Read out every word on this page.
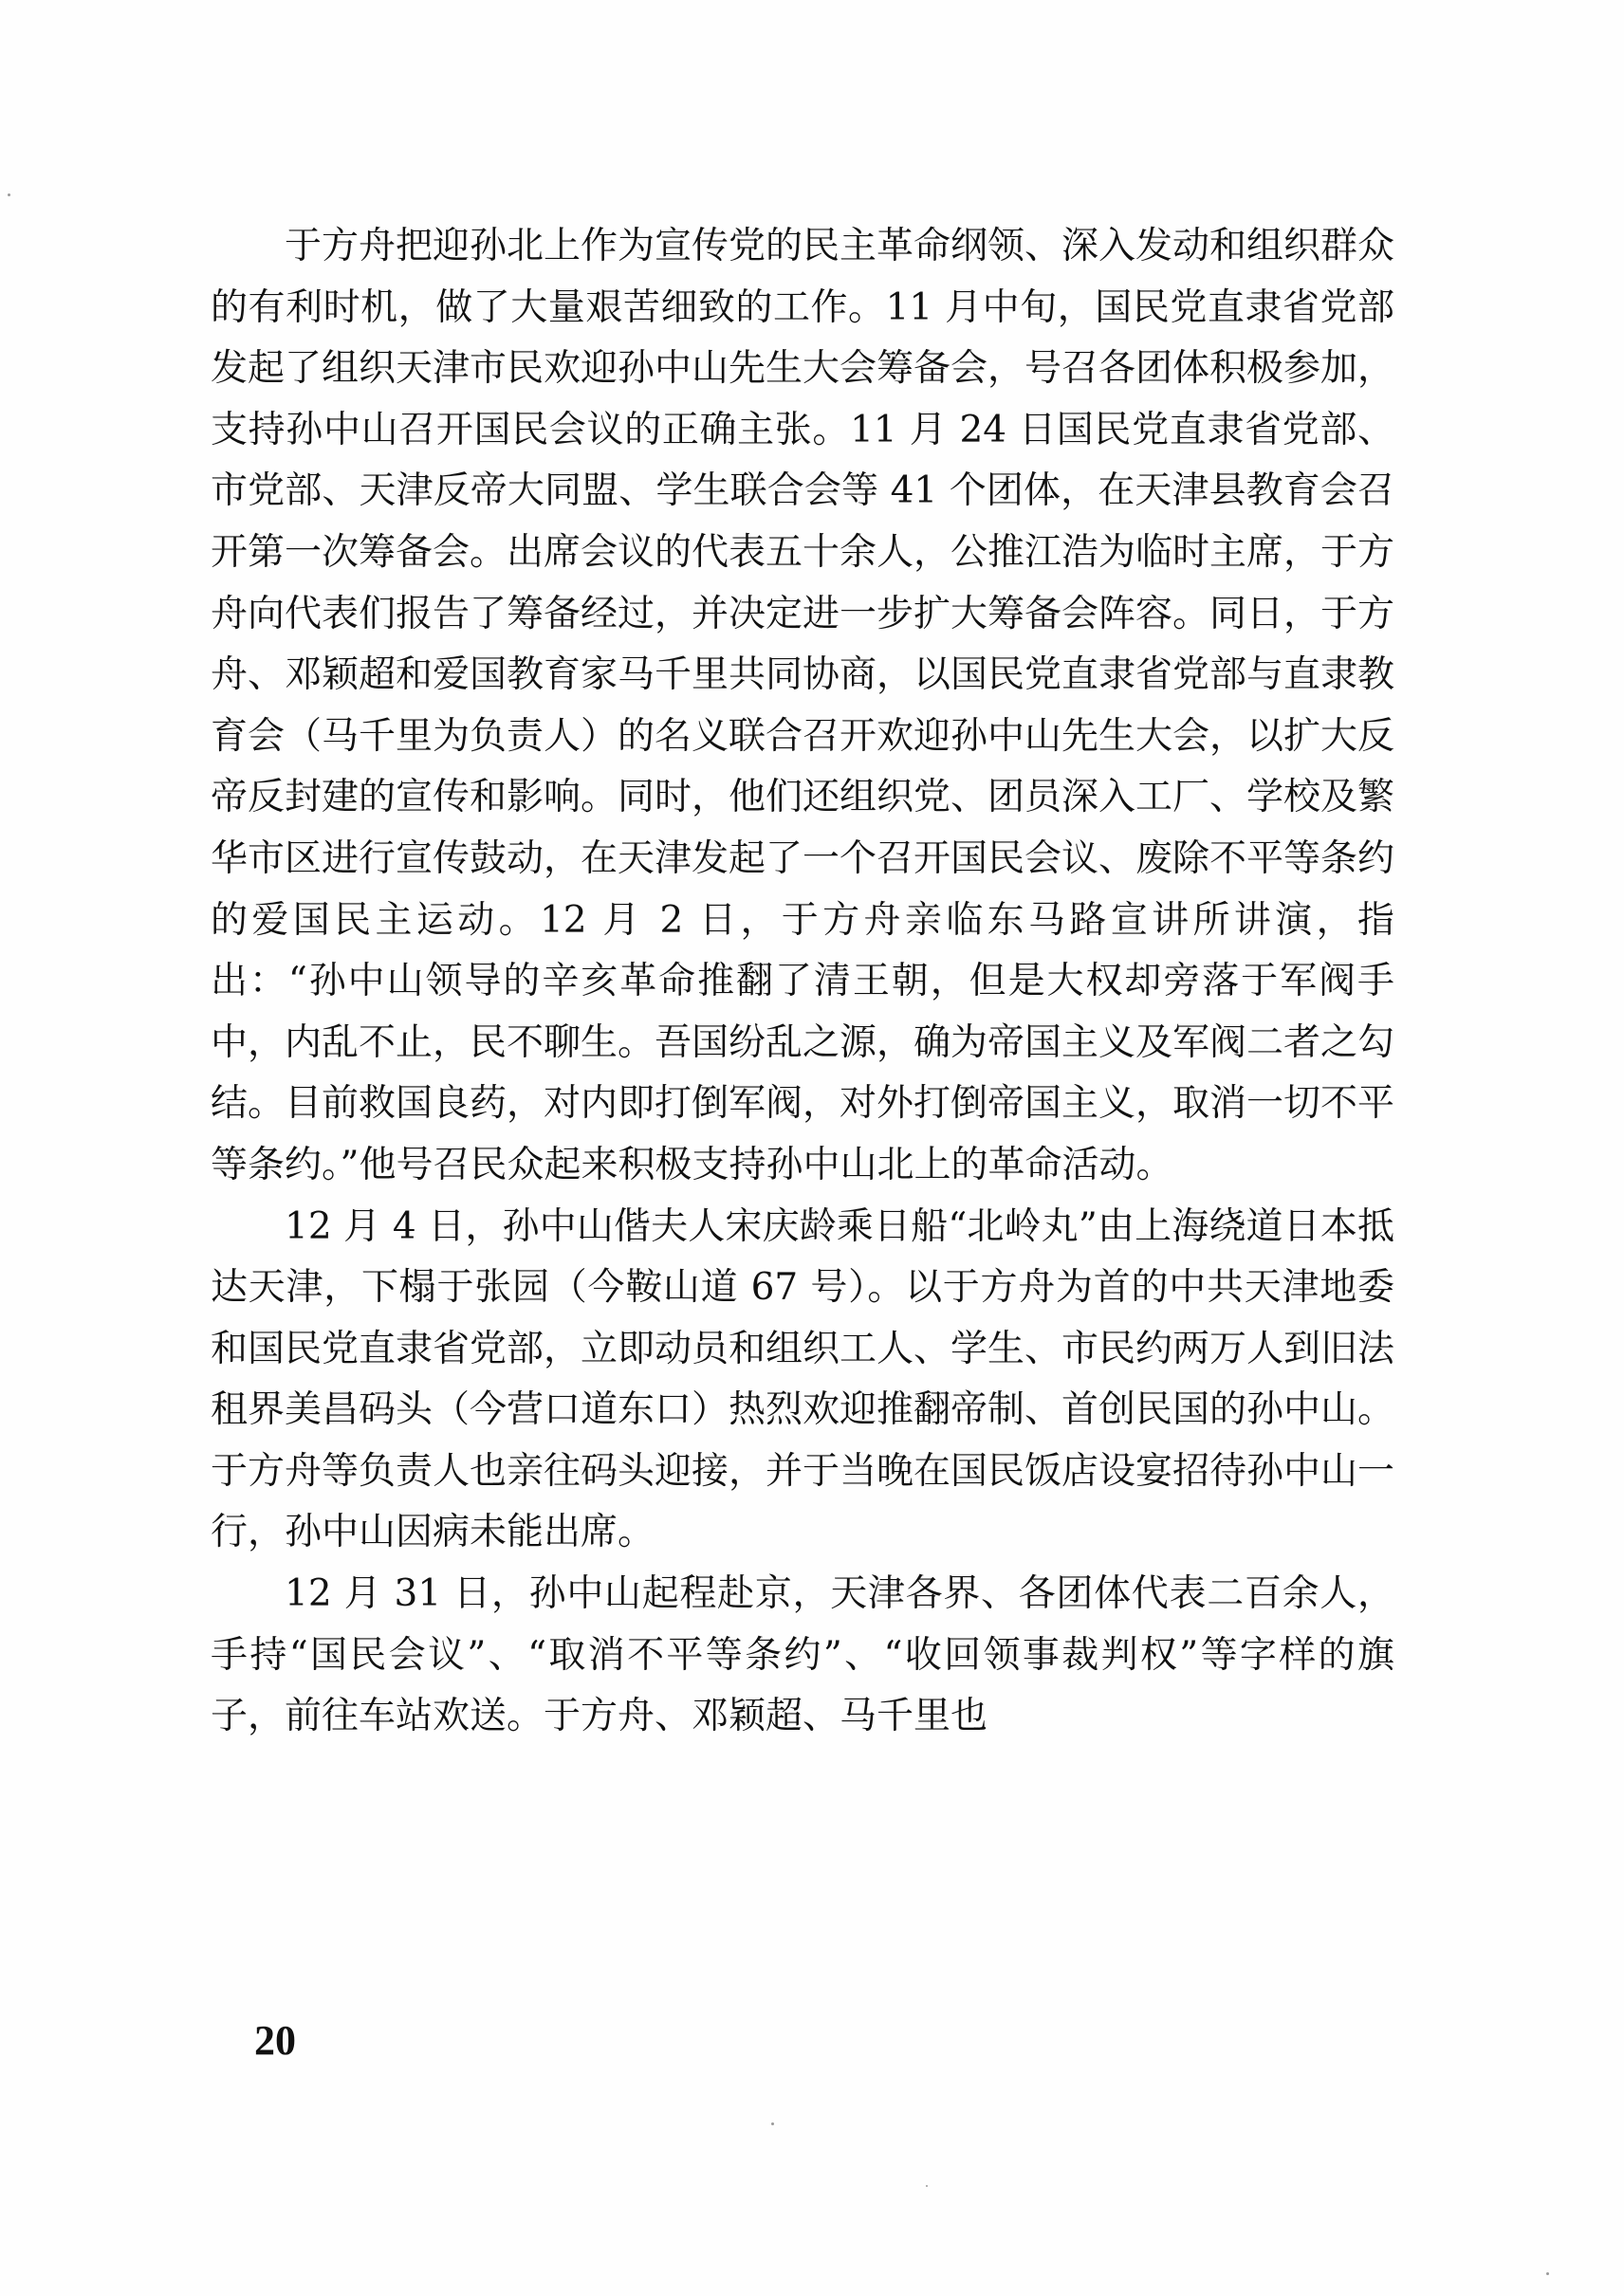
于方舟把迎孙北上作为宣传党的民主革命纲领、深入发动和组织群众的有利时机，做了大量艰苦细致的工作。11 月中旬，国民党直隶省党部发起了组织天津市民欢迎孙中山先生大会筹备会，号召各团体积极参加，支持孙中山召开国民会议的正确主张。11 月 24 日国民党直隶省党部、市党部、天津反帝大同盟、学生联合会等 41 个团体，在天津县教育会召开第一次筹备会。出席会议的代表五十余人，公推江浩为临时主席，于方舟向代表们报告了筹备经过，并决定进一步扩大筹备会阵容。同日，于方舟、邓颖超和爱国教育家马千里共同协商，以国民党直隶省党部与直隶教育会（马千里为负责人）的名义联合召开欢迎孙中山先生大会，以扩大反帝反封建的宣传和影响。同时，他们还组织党、团员深入工厂、学校及繁华市区进行宣传鼓动，在天津发起了一个召开国民会议、废除不平等条约的爱国民主运动。12 月 2 日，于方舟亲临东马路宣讲所讲演，指出：“孙中山领导的辛亥革命推翻了清王朝，但是大权却旁落于军阀手中，内乱不止，民不聊生。吾国纷乱之源，确为帝国主义及军阀二者之勾结。目前救国良药，对内即打倒军阀，对外打倒帝国主义，取消一切不平等条约。”他号召民众起来积极支持孙中山北上的革命活动。

12 月 4 日，孙中山偕夫人宋庆龄乘日船“北岭丸”由上海绕道日本抵达天津，下榻于张园（今鞍山道 67 号）。以于方舟为首的中共天津地委和国民党直隶省党部，立即动员和组织工人、学生、市民约两万人到旧法租界美昌码头（今营口道东口）热烈欢迎推翻帝制、首创民国的孙中山。于方舟等负责人也亲往码头迎接，并于当晚在国民饭店设宴招待孙中山一行，孙中山因病未能出席。

12 月 31 日，孙中山起程赴京，天津各界、各团体代表二百余人，手持“国民会议”、“取消不平等条约”、“收回领事裁判权”等字样的旗子，前往车站欢送。于方舟、邓颖超、马千里也

20
